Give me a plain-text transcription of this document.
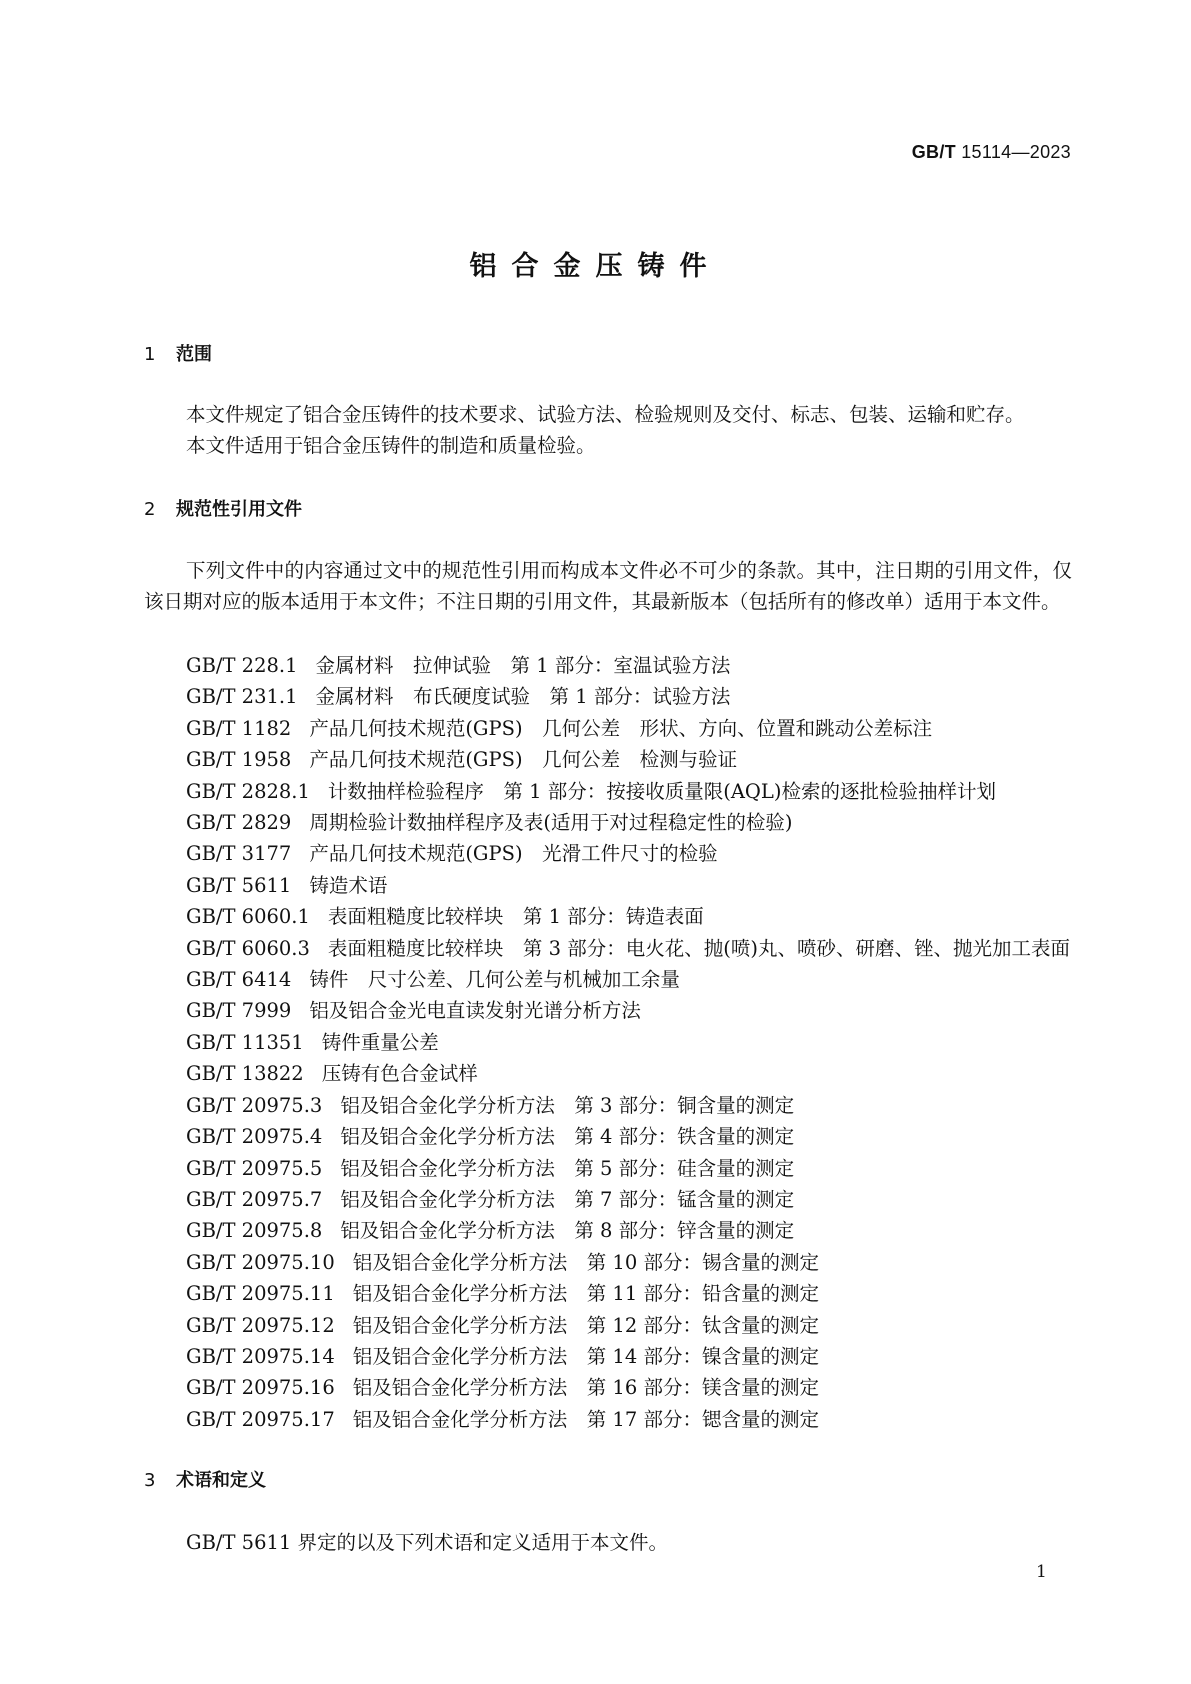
GB/T 15114—2023
铝合金压铸件
1 范围
本文件规定了铝合金压铸件的技术要求、试验方法、检验规则及交付、标志、包装、运输和贮存。
本文件适用于铝合金压铸件的制造和质量检验。
2 规范性引用文件
下列文件中的内容通过文中的规范性引用而构成本文件必不可少的条款。其中，注日期的引用文件，仅该日期对应的版本适用于本文件；不注日期的引用文件，其最新版本（包括所有的修改单）适用于本文件。
GB/T 228.1 金属材料　拉伸试验　第 1 部分：室温试验方法
GB/T 231.1 金属材料　布氏硬度试验　第 1 部分：试验方法
GB/T 1182 产品几何技术规范(GPS)　几何公差　形状、方向、位置和跳动公差标注
GB/T 1958 产品几何技术规范(GPS)　几何公差　检测与验证
GB/T 2828.1 计数抽样检验程序　第 1 部分：按接收质量限(AQL)检索的逐批检验抽样计划
GB/T 2829 周期检验计数抽样程序及表(适用于对过程稳定性的检验)
GB/T 3177 产品几何技术规范(GPS)　光滑工件尺寸的检验
GB/T 5611 铸造术语
GB/T 6060.1 表面粗糙度比较样块　第 1 部分：铸造表面
GB/T 6060.3 表面粗糙度比较样块　第 3 部分：电火花、抛(喷)丸、喷砂、研磨、锉、抛光加工表面
GB/T 6414 铸件　尺寸公差、几何公差与机械加工余量
GB/T 7999 铝及铝合金光电直读发射光谱分析方法
GB/T 11351 铸件重量公差
GB/T 13822 压铸有色合金试样
GB/T 20975.3 铝及铝合金化学分析方法　第 3 部分：铜含量的测定
GB/T 20975.4 铝及铝合金化学分析方法　第 4 部分：铁含量的测定
GB/T 20975.5 铝及铝合金化学分析方法　第 5 部分：硅含量的测定
GB/T 20975.7 铝及铝合金化学分析方法　第 7 部分：锰含量的测定
GB/T 20975.8 铝及铝合金化学分析方法　第 8 部分：锌含量的测定
GB/T 20975.10 铝及铝合金化学分析方法　第 10 部分：锡含量的测定
GB/T 20975.11 铝及铝合金化学分析方法　第 11 部分：铅含量的测定
GB/T 20975.12 铝及铝合金化学分析方法　第 12 部分：钛含量的测定
GB/T 20975.14 铝及铝合金化学分析方法　第 14 部分：镍含量的测定
GB/T 20975.16 铝及铝合金化学分析方法　第 16 部分：镁含量的测定
GB/T 20975.17 铝及铝合金化学分析方法　第 17 部分：锶含量的测定
3 术语和定义
GB/T 5611 界定的以及下列术语和定义适用于本文件。
1
